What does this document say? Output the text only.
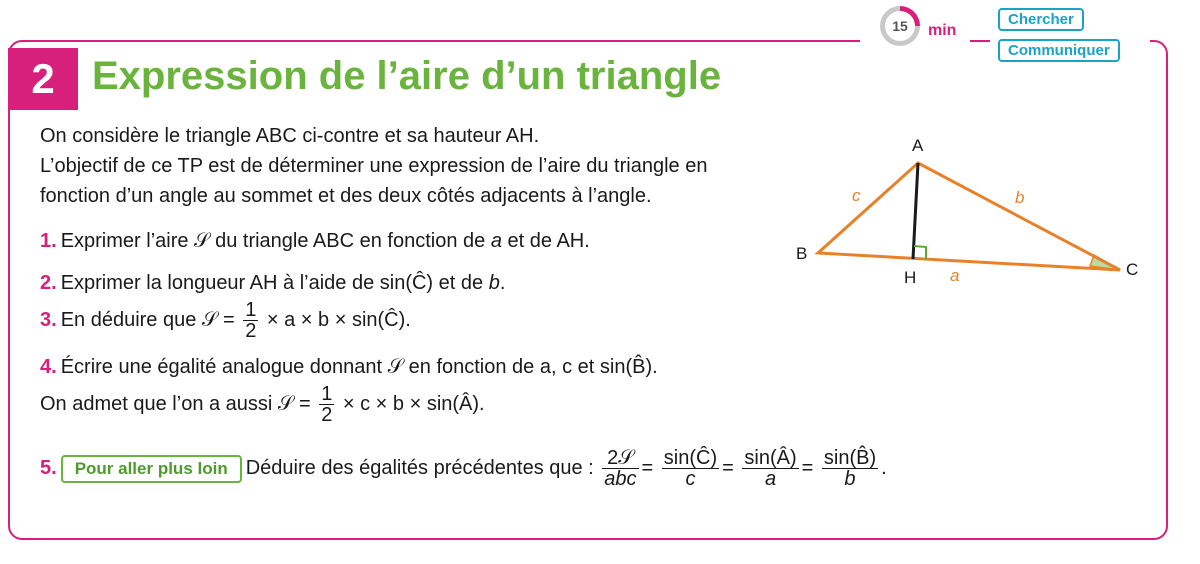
2 Expression de l’aire d’un triangle
15	min
Chercher
Communiquer
On considère le triangle ABC ci-contre et sa hauteur AH.
L’objectif de ce TP est de déterminer une expression de l’aire du triangle en
fonction d’un angle au sommet et des deux côtés adjacents à l’angle.
1. Exprimer l’aire 𝒮 du triangle ABC en fonction de a et de AH.
2. Exprimer la longueur AH à l’aide de sin(Ĉ) et de b.
3. En déduire que 𝒮 = $\frac{1}{2} \times a \times b$ × sin(Ĉ).
4. Écrire une égalité analogue donnant 𝒮 en fonction de a, c et sin(B̂).
On admet que l’on a aussi 𝒮 = $\frac{1}{2} \times c \times b$ × sin(Â).
5. Pour aller plus loin Déduire des égalités précédentes que : $\frac{\text{2𝒮}}{\text{abc}} = \frac{\sin(Ĉ)}{c} = \frac{\sin(Â)}{a} = \frac{\sin(B̂)}{b}$ .
A
B
C
H a
b
c
